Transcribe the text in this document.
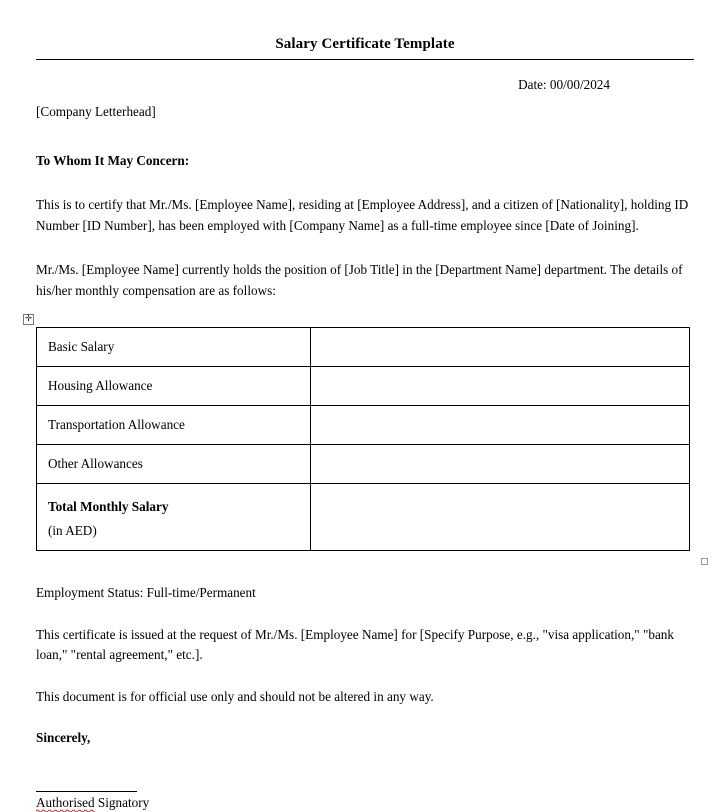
Salary Certificate Template
Date: 00/00/2024
[Company Letterhead]
To Whom It May Concern:
This is to certify that Mr./Ms. [Employee Name], residing at [Employee Address], and a citizen of [Nationality], holding ID Number [ID Number], has been employed with [Company Name] as a full-time employee since [Date of Joining].
Mr./Ms. [Employee Name] currently holds the position of [Job Title] in the [Department Name] department. The details of his/her monthly compensation are as follows:
✛
Basic Salary	
Housing Allowance	
Transportation Allowance	
Other Allowances	

Total Monthly Salary
(in AED)	

Employment Status: Full-time/Permanent
This certificate is issued at the request of Mr./Ms. [Employee Name] for [Specify Purpose, e.g., "visa application," "bank loan," "rental agreement," etc.].
This document is for official use only and should not be altered in any way.
Sincerely,
Authorised Signatory
